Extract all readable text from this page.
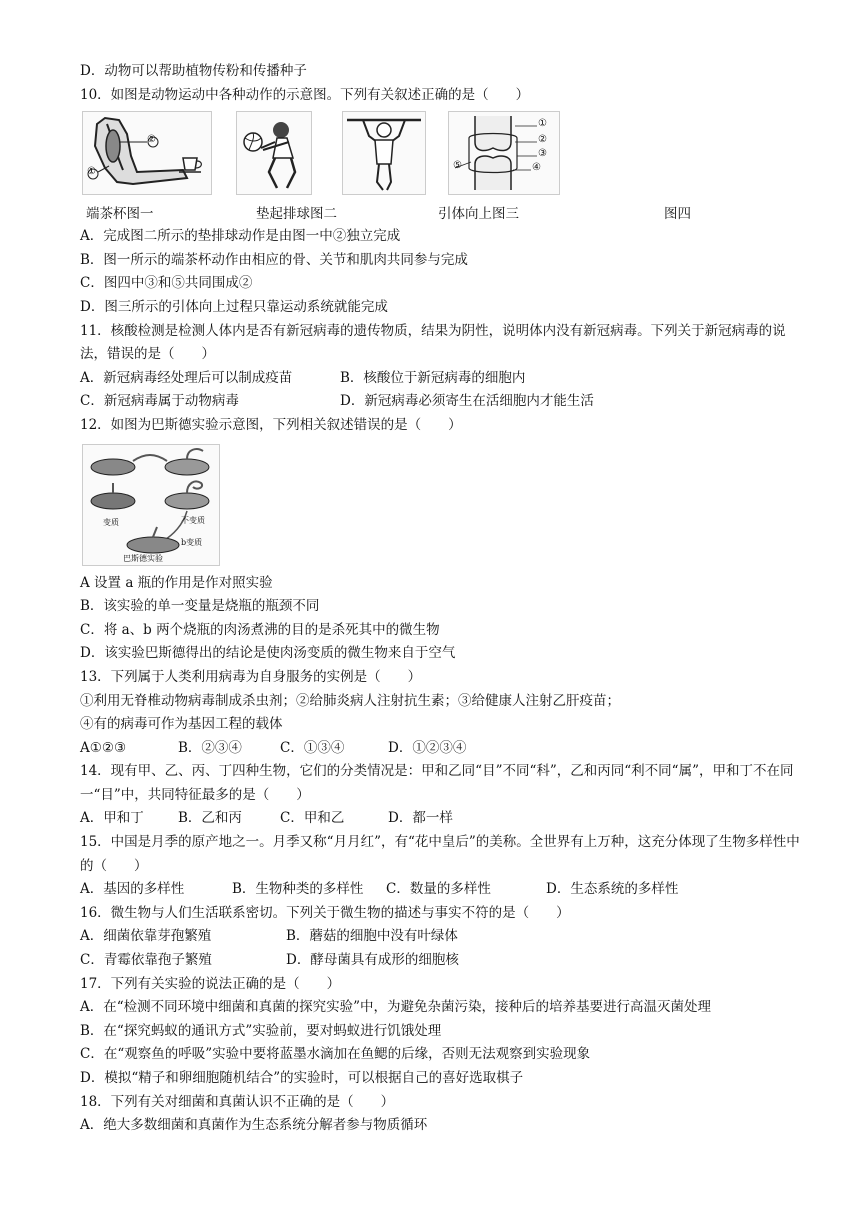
D．动物可以帮助植物传粉和传播种子
10．如图是动物运动中各种动作的示意图。下列有关叙述正确的是（　　）
②
①
①
②
③
④
⑤
端茶杯图一	垫起排球图二	引体向上图三	图四
A．完成图二所示的垫排球动作是由图一中②独立完成
B．图一所示的端茶杯动作由相应的骨、关节和肌肉共同参与完成
C．图四中③和⑤共同围成②
D．图三所示的引体向上过程只靠运动系统就能完成
11．核酸检测是检测人体内是否有新冠病毒的遗传物质，结果为阴性，说明体内没有新冠病毒。下列关于新冠病毒的说法，错误的是（　　）
A．新冠病毒经处理后可以制成疫苗	B．核酸位于新冠病毒的细胞内
C．新冠病毒属于动物病毒	D．新冠病毒必须寄生在活细胞内才能生活
12．如图为巴斯德实验示意图，下列相关叙述错误的是（　　）
变质	不变质
b变质
巴斯德实验
A 设置 a 瓶的作用是作对照实验
B．该实验的单一变量是烧瓶的瓶颈不同
C．将 a、b 两个烧瓶的肉汤煮沸的目的是杀死其中的微生物
D．该实验巴斯德得出的结论是使肉汤变质的微生物来自于空气
13．下列属于人类利用病毒为自身服务的实例是（　　）
①利用无脊椎动物病毒制成杀虫剂；②给肺炎病人注射抗生素；③给健康人注射乙肝疫苗；
④有的病毒可作为基因工程的载体
A①②③	B．②③④	C．①③④	D．①②③④
14．现有甲、乙、丙、丁四种生物，它们的分类情况是：甲和乙同“目”不同“科”，乙和丙同“利不同“属”，甲和丁不在同一“目”中，共同特征最多的是（　　）
A．甲和丁	B．乙和丙	C．甲和乙	D．都一样
15．中国是月季的原产地之一。月季又称“月月红”，有“花中皇后”的美称。全世界有上万种，这充分体现了生物多样性中的（　　）
A．基因的多样性	B．生物种类的多样性 C．数量的多样性	D．生态系统的多样性
16．微生物与人们生活联系密切。下列关于微生物的描述与事实不符的是（　　）
A．细菌依靠芽孢繁殖	B．蘑菇的细胞中没有叶绿体
C．青霉依靠孢子繁殖	D．酵母菌具有成形的细胞核
17．下列有关实验的说法正确的是（　　）
A．在“检测不同环境中细菌和真菌的探究实验”中，为避免杂菌污染，接种后的培养基要进行高温灭菌处理
B．在“探究蚂蚁的通讯方式”实验前，要对蚂蚁进行饥饿处理
C．在“观察鱼的呼吸”实验中要将蓝墨水滴加在鱼鳃的后缘，否则无法观察到实验现象
D．模拟“精子和卵细胞随机结合”的实验时，可以根据自己的喜好选取棋子
18．下列有关对细菌和真菌认识不正确的是（　　）
A．绝大多数细菌和真菌作为生态系统分解者参与物质循环
